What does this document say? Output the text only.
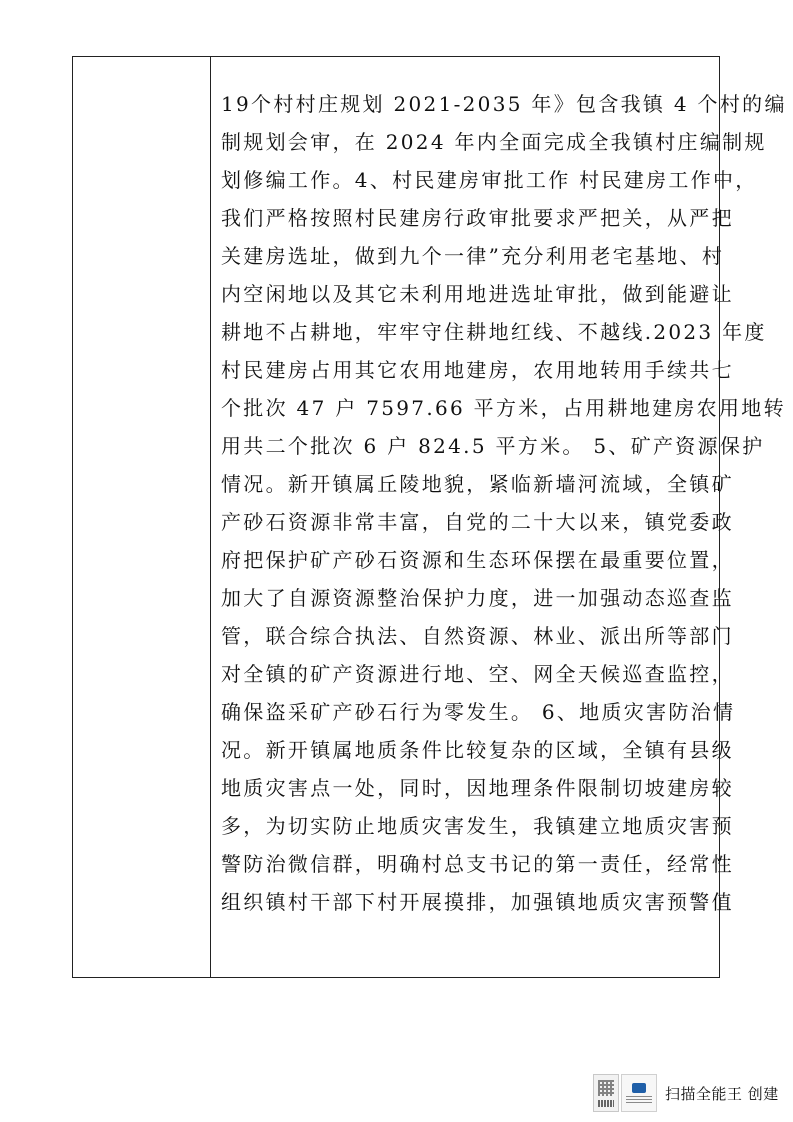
19个村村庄规划 2021-2035 年》包含我镇 4 个村的编
制规划会审，在 2024 年内全面完成全我镇村庄编制规
划修编工作。4、村民建房审批工作 村民建房工作中，
我们严格按照村民建房行政审批要求严把关，从严把
关建房选址，做到九个一律”充分利用老宅基地、村
内空闲地以及其它未利用地进选址审批，做到能避让
耕地不占耕地，牢牢守住耕地红线、不越线.2023 年度
村民建房占用其它农用地建房，农用地转用手续共七
个批次 47 户 7597.66 平方米，占用耕地建房农用地转
用共二个批次 6 户 824.5 平方米。 5、矿产资源保护
情况。新开镇属丘陵地貌，紧临新墙河流域，全镇矿
产砂石资源非常丰富，自党的二十大以来，镇党委政
府把保护矿产砂石资源和生态环保摆在最重要位置，
加大了自源资源整治保护力度，进一加强动态巡查监
管，联合综合执法、自然资源、林业、派出所等部门
对全镇的矿产资源进行地、空、网全天候巡查监控，
确保盗采矿产砂石行为零发生。 6、地质灾害防治情
况。新开镇属地质条件比较复杂的区域，全镇有县级
地质灾害点一处，同时，因地理条件限制切坡建房较
多，为切实防止地质灾害发生，我镇建立地质灾害预
警防治微信群，明确村总支书记的第一责任，经常性
组织镇村干部下村开展摸排，加强镇地质灾害预警值
扫描全能王 创建
